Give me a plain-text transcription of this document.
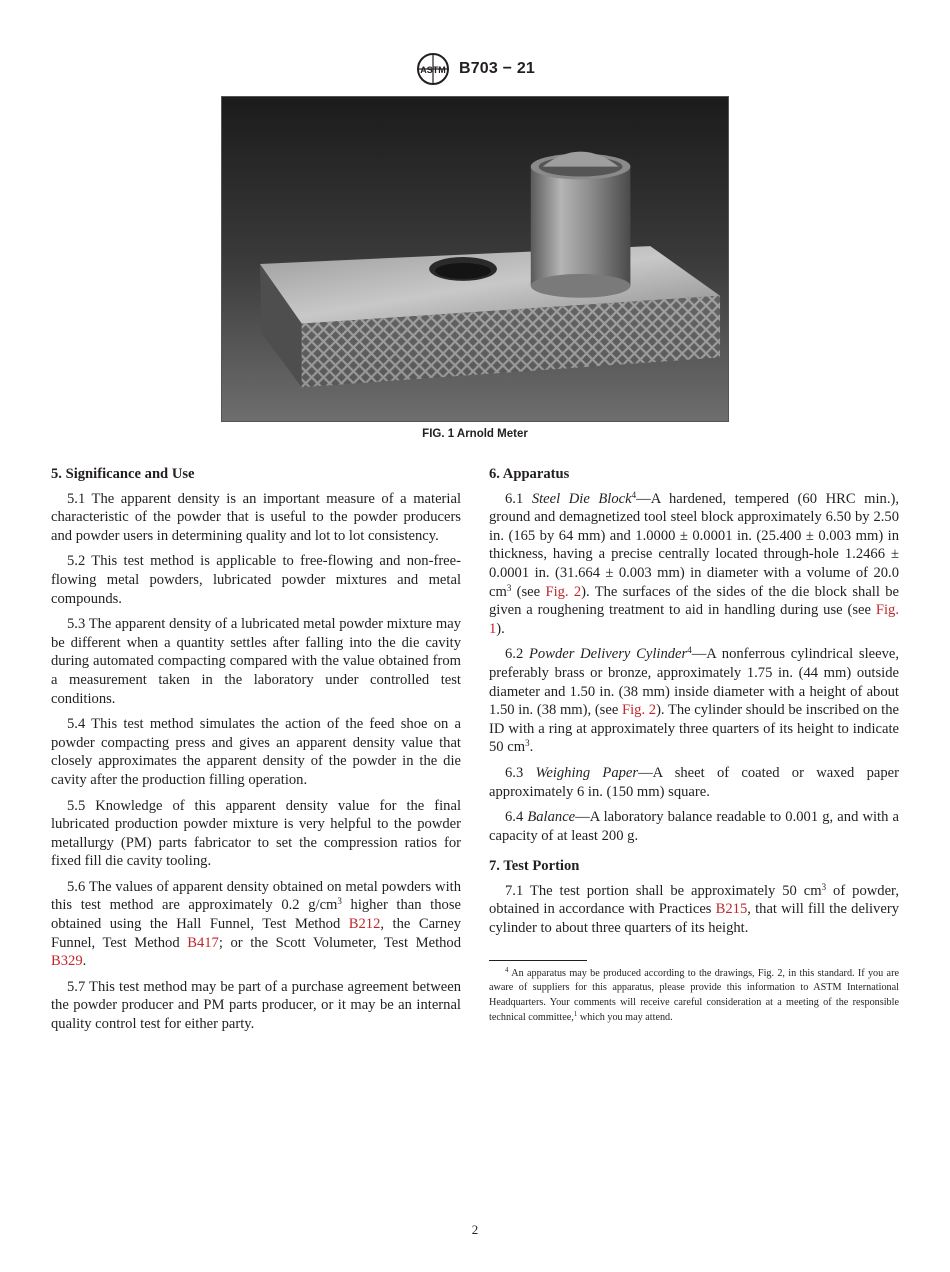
ASTM B703 − 21
FIG. 1 Arnold Meter
5. Significance and Use

5.1 The apparent density is an important measure of a material characteristic of the powder that is useful to the powder producers and powder users in determining quality and lot to lot consistency.

5.2 This test method is applicable to free-flowing and non-free-flowing metal powders, lubricated powder mixtures and metal compounds.

5.3 The apparent density of a lubricated metal powder mixture may be different when a quantity settles after falling into the die cavity during automated compacting compared with the value obtained from a measurement taken in the laboratory under controlled test conditions.

5.4 This test method simulates the action of the feed shoe on a powder compacting press and gives an apparent density value that closely approximates the apparent density of the powder in the die cavity after the production filling operation.

5.5 Knowledge of this apparent density value for the final lubricated production powder mixture is very helpful to the powder metallurgy (PM) parts fabricator to set the compression ratios for fixed fill die cavity tooling.

5.6 The values of apparent density obtained on metal powders with this test method are approximately 0.2 $g/cm^3$ higher than those obtained using the Hall Funnel, Test Method B212, the Carney Funnel, Test Method B417; or the Scott Volumeter, Test Method B329.

5.7 This test method may be part of a purchase agreement between the powder producer and PM parts producer, or it may be an internal quality control test for either party.

6. Apparatus

6.1 Steel Die Block$^4$—A hardened, tempered (60 HRC min.), ground and demagnetized tool steel block approximately 6.50 by 2.50 in. (165 by 64 mm) and 1.0000 ± 0.0001 in. (25.400 ± 0.003 mm) in thickness, having a precise centrally located through-hole 1.2466 ± 0.0001 in. (31.664 ± 0.003 mm) in diameter with a volume of 20.0 $cm^3$ (see Fig. 2). The surfaces of the sides of the die block shall be given a roughening treatment to aid in handling during use (see Fig. 1).

6.2 Powder Delivery Cylinder$^4$—A nonferrous cylindrical sleeve, preferably brass or bronze, approximately 1.75 in. (44 mm) outside diameter and 1.50 in. (38 mm) inside diameter with a height of about 1.50 in. (38 mm), (see Fig. 2). The cylinder should be inscribed on the ID with a ring at approximately three quarters of its height to indicate 50 $cm^3$.

6.3 Weighing Paper—A sheet of coated or waxed paper approximately 6 in. (150 mm) square.

6.4 Balance—A laboratory balance readable to 0.001 g, and with a capacity of at least 200 g.

7. Test Portion

7.1 The test portion shall be approximately 50 $cm^3$ of powder, obtained in accordance with Practices B215, that will fill the delivery cylinder to about three quarters of its height.

$^4$ An apparatus may be produced according to the drawings, Fig. 2, in this standard. If you are aware of suppliers for this apparatus, please provide this information to ASTM International Headquarters. Your comments will receive careful consideration at a meeting of the responsible technical committee,$^1$ which you may attend.

2
